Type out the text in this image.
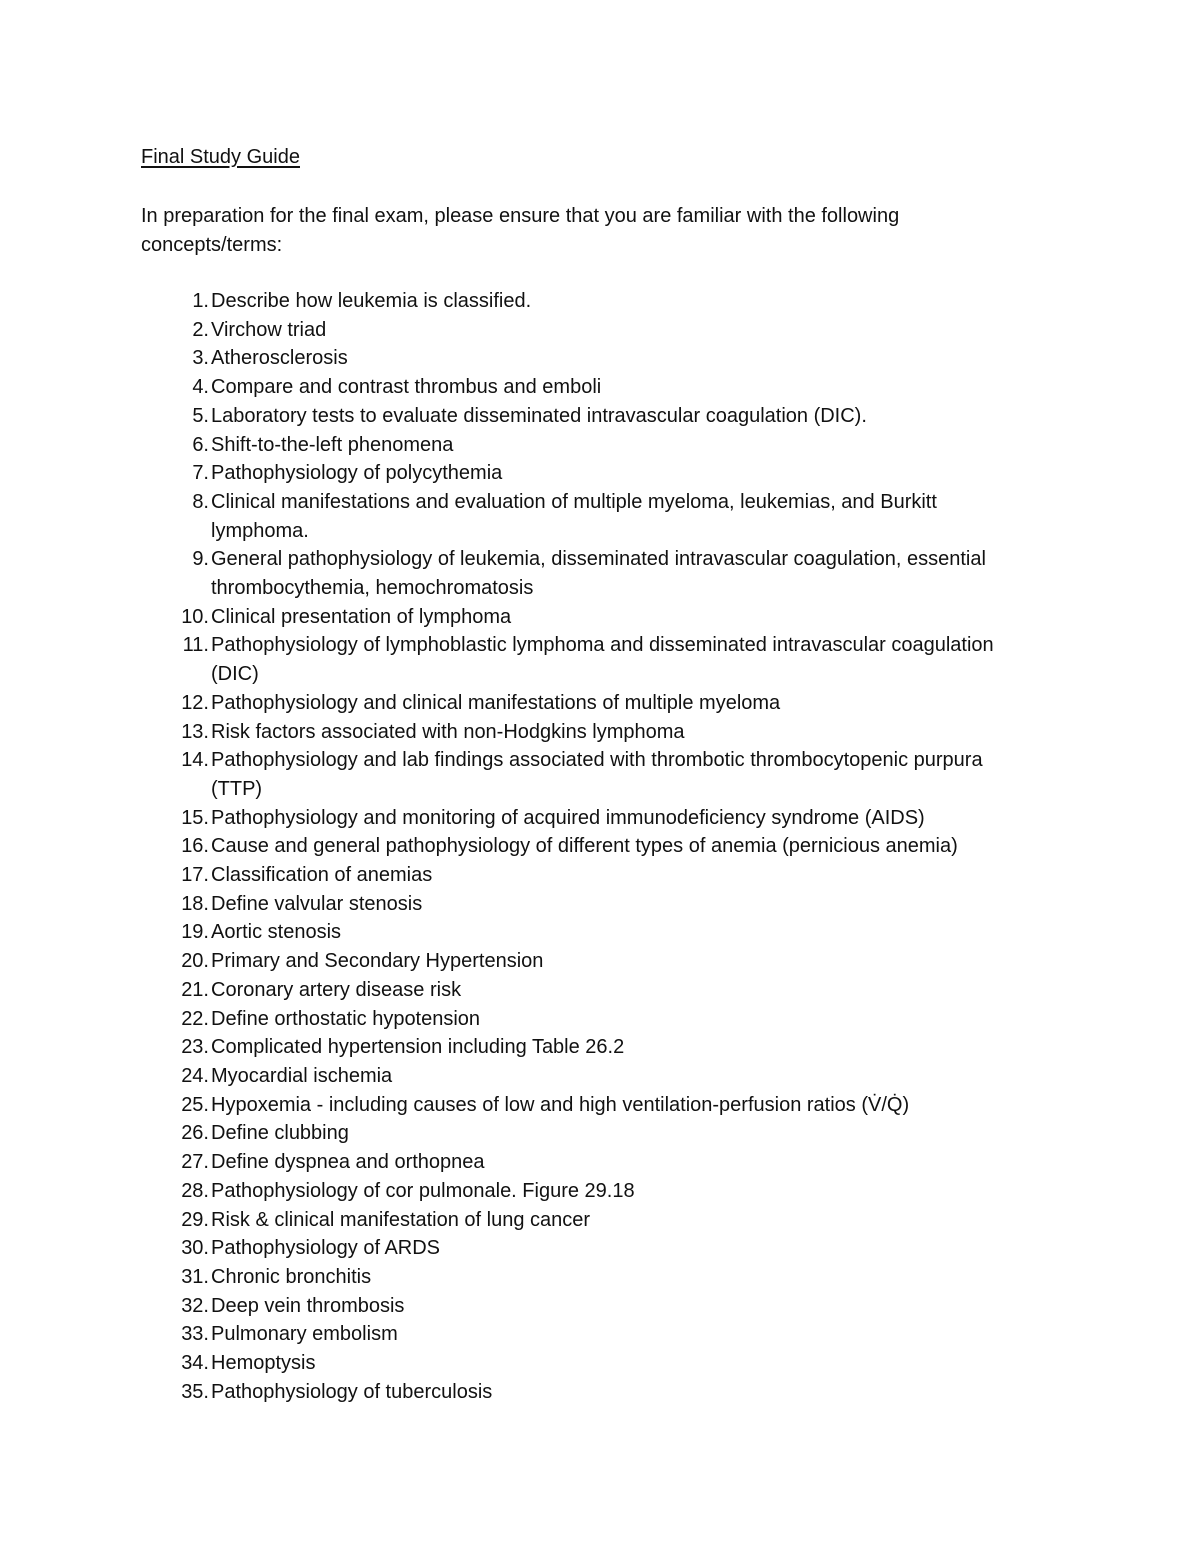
Final Study Guide
In preparation for the final exam, please ensure that you are familiar with the following
concepts/terms:
1. Describe how leukemia is classified.
2. Virchow triad
3. Atherosclerosis
4. Compare and contrast thrombus and emboli
5. Laboratory tests to evaluate disseminated intravascular coagulation (DIC).
6. Shift-to-the-left phenomena
7. Pathophysiology of polycythemia
8. Clinical manifestations and evaluation of multiple myeloma, leukemias, and Burkitt
lymphoma.
9. General pathophysiology of leukemia, disseminated intravascular coagulation, essential
thrombocythemia, hemochromatosis
10. Clinical presentation of lymphoma
11. Pathophysiology of lymphoblastic lymphoma and disseminated intravascular coagulation
(DIC)
12. Pathophysiology and clinical manifestations of multiple myeloma
13. Risk factors associated with non-Hodgkins lymphoma
14. Pathophysiology and lab findings associated with thrombotic thrombocytopenic purpura
(TTP)
15. Pathophysiology and monitoring of acquired immunodeficiency syndrome (AIDS)
16. Cause and general pathophysiology of different types of anemia (pernicious anemia)
17. Classification of anemias
18. Define valvular stenosis
19. Aortic stenosis
20. Primary and Secondary Hypertension
21. Coronary artery disease risk
22. Define orthostatic hypotension
23. Complicated hypertension including Table 26.2
24. Myocardial ischemia
25. Hypoxemia - including causes of low and high ventilation-perfusion ratios (V̇/Q̇)
26. Define clubbing
27. Define dyspnea and orthopnea
28. Pathophysiology of cor pulmonale. Figure 29.18
29. Risk & clinical manifestation of lung cancer
30. Pathophysiology of ARDS
31. Chronic bronchitis
32. Deep vein thrombosis
33. Pulmonary embolism
34. Hemoptysis
35. Pathophysiology of tuberculosis
